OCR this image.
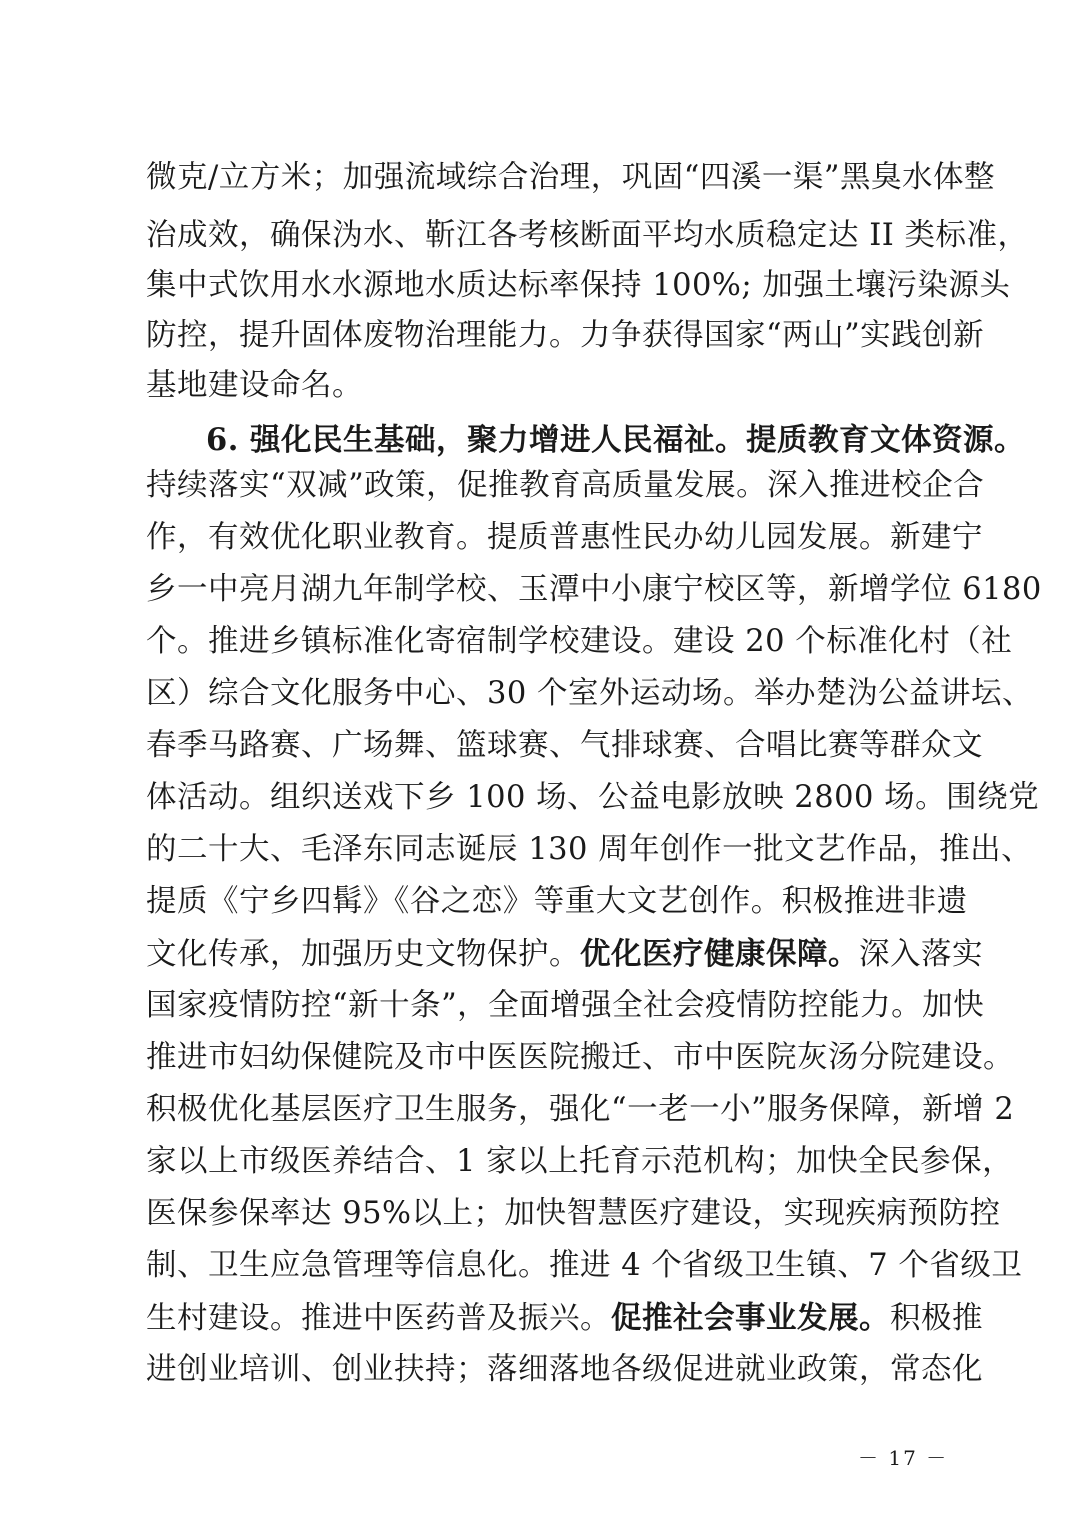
微克/立方米；加强流域综合治理，巩固“四溪一渠”黑臭水体整
治成效，确保沩水、靳江各考核断面平均水质稳定达 II 类标准，
集中式饮用水水源地水质达标率保持 100%; 加强土壤污染源头
防控，提升固体废物治理能力。力争获得国家“两山”实践创新
基地建设命名。
6. 强化民生基础，聚力增进人民福祉。提质教育文体资源。
持续落实“双减”政策，促推教育高质量发展。深入推进校企合
作，有效优化职业教育。提质普惠性民办幼儿园发展。新建宁
乡一中亮月湖九年制学校、玉潭中小康宁校区等，新增学位 6180
个。推进乡镇标准化寄宿制学校建设。建设 20 个标准化村（社
区）综合文化服务中心、30 个室外运动场。举办楚沩公益讲坛、
春季马路赛、广场舞、篮球赛、气排球赛、合唱比赛等群众文
体活动。组织送戏下乡 100 场、公益电影放映 2800 场。围绕党
的二十大、毛泽东同志诞辰 130 周年创作一批文艺作品，推出、
提质《宁乡四髯》《谷之恋》等重大文艺创作。积极推进非遗
文化传承，加强历史文物保护。优化医疗健康保障。深入落实
国家疫情防控“新十条”，全面增强全社会疫情防控能力。加快
推进市妇幼保健院及市中医医院搬迁、市中医院灰汤分院建设。
积极优化基层医疗卫生服务，强化“一老一小”服务保障，新增 2
家以上市级医养结合、1 家以上托育示范机构；加快全民参保，
医保参保率达 95%以上；加快智慧医疗建设，实现疾病预防控
制、卫生应急管理等信息化。推进 4 个省级卫生镇、7 个省级卫
生村建设。推进中医药普及振兴。促推社会事业发展。积极推
进创业培训、创业扶持；落细落地各级促进就业政策，常态化
－ 17 －
